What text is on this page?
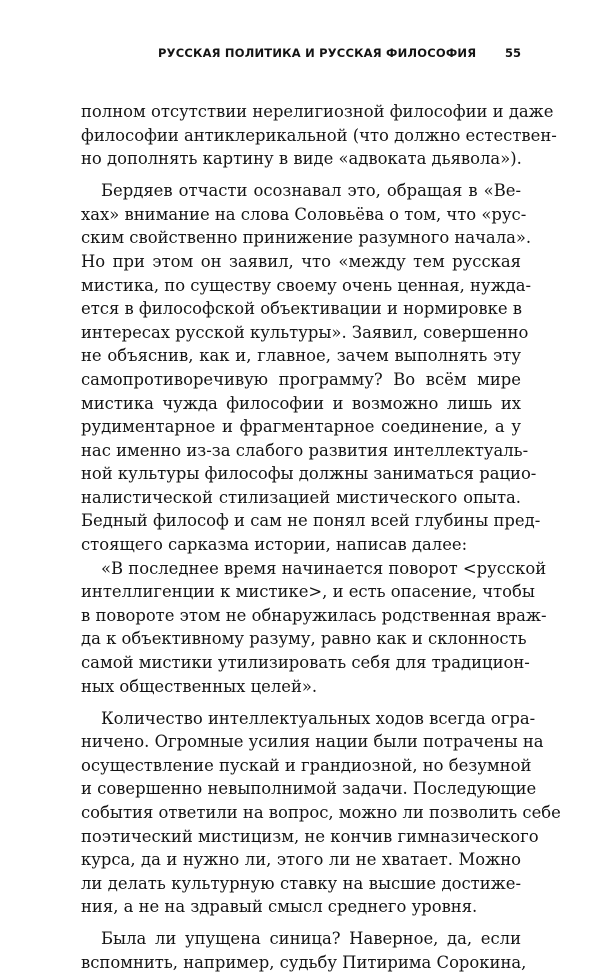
РУССКАЯ ПОЛИТИКА И РУССКАЯ ФИЛОСОФИЯ 55
полном отсутствии нерелигиозной философии и даже
философии антиклерикальной (что должно естествен-
но дополнять картину в виде «адвоката дьявола»).
Бердяев отчасти осознавал это, обращая в «Ве-
хах» внимание на слова Соловьёва о том, что «рус-
ским свойственно принижение разумного начала».
Но при этом он заявил, что «между тем русская
мистика, по существу своему очень ценная, нужда-
ется в философской объективации и нормировке в
интересах русской культуры». Заявил, совершенно
не объяснив, как и, главное, зачем выполнять эту
самопротиворечивую программу? Во всём мире
мистика чужда философии и возможно лишь их
рудиментарное и фрагментарное соединение, а у
нас именно из-за слабого развития интеллектуаль-
ной культуры философы должны заниматься рацио-
налистической стилизацией мистического опыта.
Бедный философ и сам не понял всей глубины пред-
стоящего сарказма истории, написав далее:
«В последнее время начинается поворот <русской
интеллигенции к мистике>, и есть опасение, чтобы
в повороте этом не обнаружилась родственная враж-
да к объективному разуму, равно как и склонность
самой мистики утилизировать себя для традицион-
ных общественных целей».
Количество интеллектуальных ходов всегда огра-
ничено. Огромные усилия нации были потрачены на
осуществление пускай и грандиозной, но безумной
и совершенно невыполнимой задачи. Последующие
события ответили на вопрос, можно ли позволить себе
поэтический мистицизм, не кончив гимназического
курса, да и нужно ли, этого ли не хватает. Можно
ли делать культурную ставку на высшие достиже-
ния, а не на здравый смысл среднего уровня.
Была ли упущена синица? Наверное, да, если
вспомнить, например, судьбу Питирима Сорокина,
